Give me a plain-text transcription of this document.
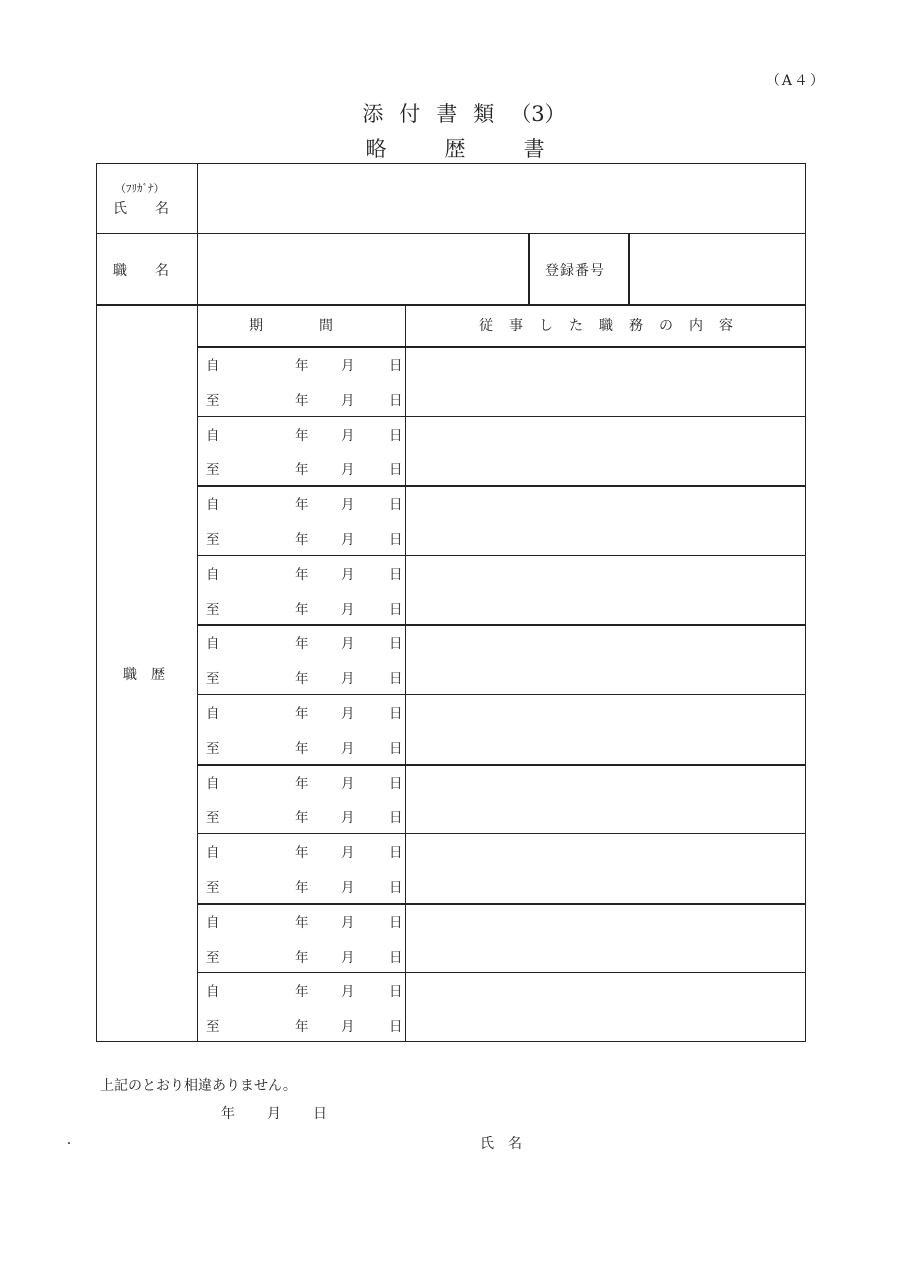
（A４）
添付書類（3）
略歴書
（ﾌﾘｶﾞﾅ）
氏　　名
職　　名	登録番号
職　歴
期　　　　間	従　事　し　た　職　務　の　内　容
自	年 月	日
至	年 月	日
自	年 月	日
至	年 月	日
自	年 月	日
至	年 月	日
自	年 月	日
至	年 月	日
自	年 月	日
至	年 月	日
自	年 月	日
至	年 月	日
自	年 月	日
至	年 月	日
自	年 月	日
至	年 月	日
自	年 月	日
至	年 月	日
自	年 月	日
至	年 月	日
上記のとおり相違ありません。
年 月 日
・	氏　名
